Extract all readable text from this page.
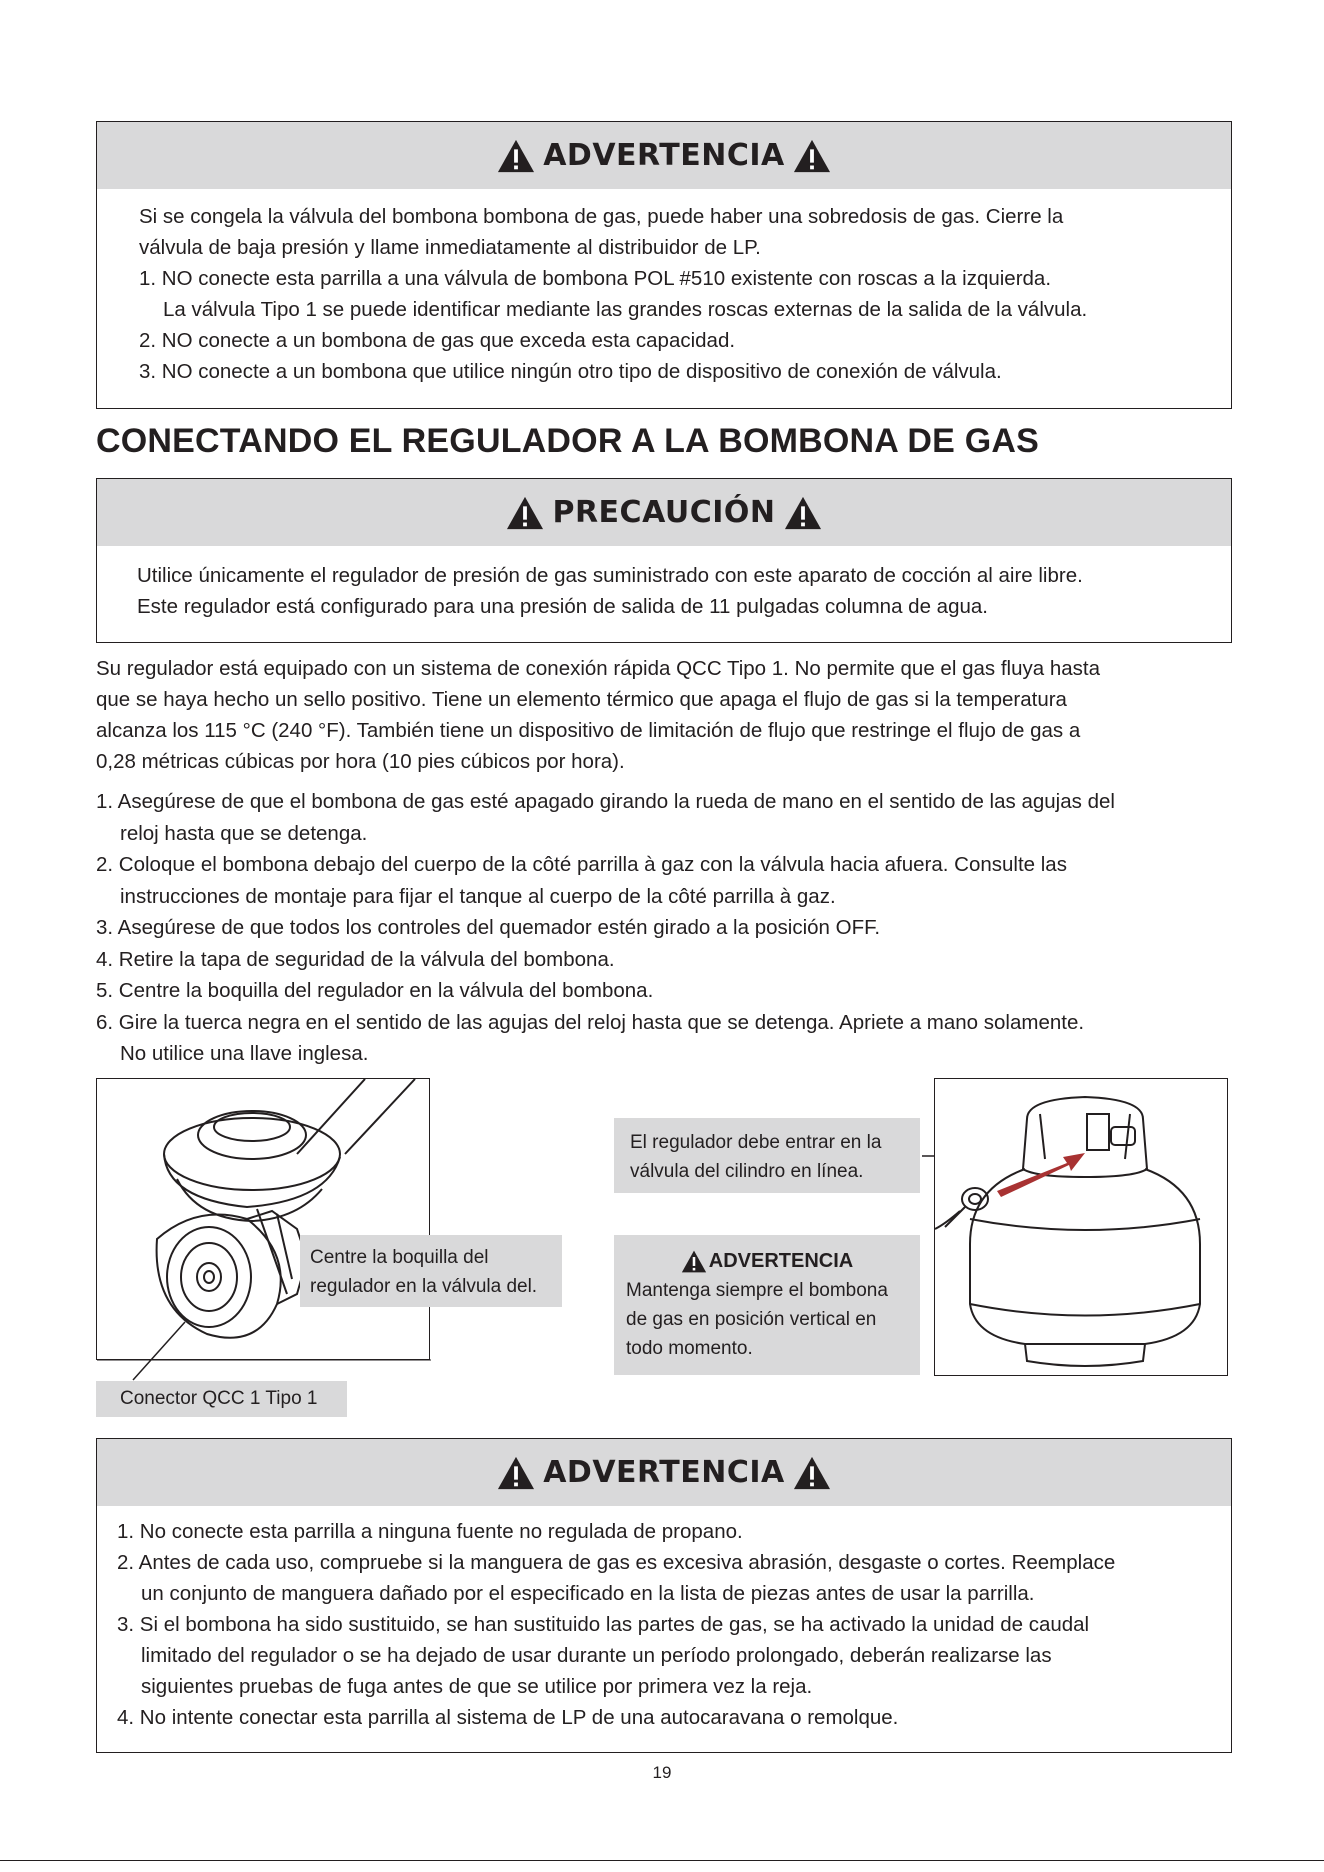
ADVERTENCIA

Si se congela la válvula del bombona bombona de gas, puede haber una sobredosis de gas. Cierre la

válvula de baja presión y llame inmediatamente al distribuidor de LP.

1. NO conecte esta parrilla a una válvula de bombona POL #510 existente con roscas a la izquierda.

La válvula Tipo 1 se puede identificar mediante las grandes roscas externas de la salida de la válvula.

2. NO conecte a un bombona de gas que exceda esta capacidad.

3. NO conecte a un bombona que utilice ningún otro tipo de dispositivo de conexión de válvula.

CONECTANDO EL REGULADOR A LA BOMBONA DE GAS
PRECAUCIÓN

Utilice únicamente el regulador de presión de gas suministrado con este aparato de cocción al aire libre.

Este regulador está configurado para una presión de salida de 11 pulgadas columna de agua.

Su regulador está equipado con un sistema de conexión rápida QCC Tipo 1. No permite que el gas fluya hasta

que se haya hecho un sello positivo. Tiene un elemento térmico que apaga el flujo de gas si la temperatura

alcanza los 115 °C (240 °F). También tiene un dispositivo de limitación de flujo que restringe el flujo de gas a

0,28 métricas cúbicas por hora (10 pies cúbicos por hora).

1. Asegúrese de que el bombona de gas esté apagado girando la rueda de mano en el sentido de las agujas del

reloj hasta que se detenga.

2. Coloque el bombona debajo del cuerpo de la côté parrilla à gaz con la válvula hacia afuera. Consulte las

instrucciones de montaje para fijar el tanque al cuerpo de la côté parrilla à gaz.

3. Asegúrese de que todos los controles del quemador estén girado a la posición OFF.

4. Retire la tapa de seguridad de la válvula del bombona.

5. Centre la boquilla del regulador en la válvula del bombona.

6. Gire la tuerca negra en el sentido de las agujas del reloj hasta que se detenga. Apriete a mano solamente.

No utilice una llave inglesa.

Centre la boquilla del
regulador en la válvula del.
Conector QCC 1 Tipo 1
El regulador debe entrar en la
válvula del cilindro en línea.
ADVERTENCIA
Mantenga siempre el bombona
de gas en posición vertical en
todo momento.
ADVERTENCIA

1. No conecte esta parrilla a ninguna fuente no regulada de propano.

2. Antes de cada uso, compruebe si la manguera de gas es excesiva abrasión, desgaste o cortes. Reemplace

un conjunto de manguera dañado por el especificado en la lista de piezas antes de usar la parrilla.

3. Si el bombona ha sido sustituido, se han sustituido las partes de gas, se ha activado la unidad de caudal

limitado del regulador o se ha dejado de usar durante un período prolongado, deberán realizarse las

siguientes pruebas de fuga antes de que se utilice por primera vez la reja.

4. No intente conectar esta parrilla al sistema de LP de una autocaravana o remolque.

19
